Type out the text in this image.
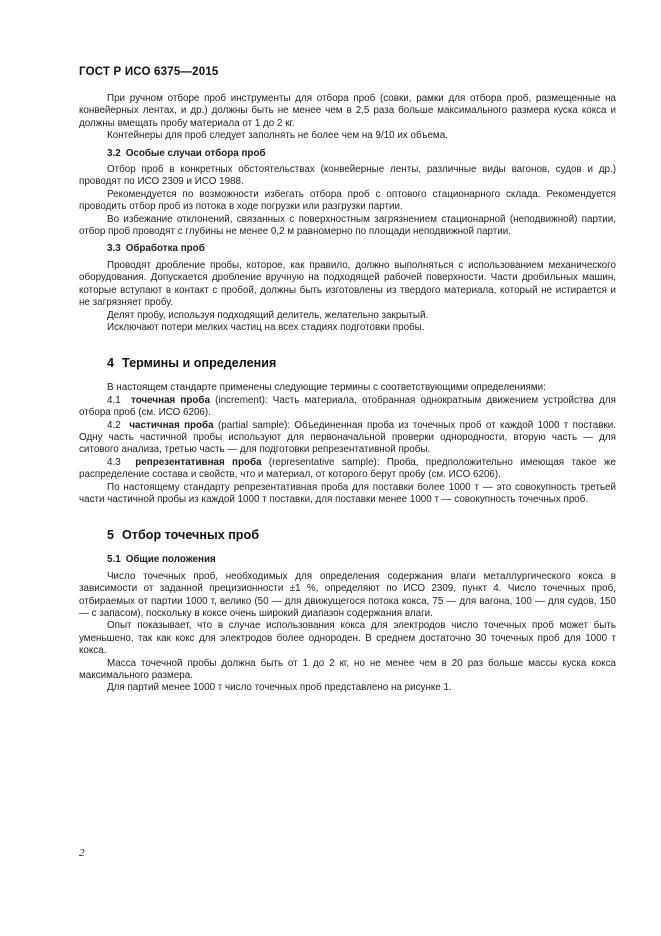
ГОСТ Р ИСО 6375—2015

При ручном отборе проб инструменты для отбора проб (совки, рамки для отбора проб, размещенные на конвейерных лентах, и др.) должны быть не менее чем в 2,5 раза больше максимального размера куска кокса и должны вмещать пробу материала от 1 до 2 кг.

Контейнеры для проб следует заполнять не более чем на 9/10 их объема.

3.2 Особые случаи отбора проб

Отбор проб в конкретных обстоятельствах (конвейерные ленты, различные виды вагонов, судов и др.) проводят по ИСО 2309 и ИСО 1988.

Рекомендуется по возможности избегать отбора проб с оптового стационарного склада. Рекомендуется проводить отбор проб из потока в ходе погрузки или разгрузки партии.

Во избежание отклонений, связанных с поверхностным загрязнением стационарной (неподвижной) партии, отбор проб проводят с глубины не менее 0,2 м равномерно по площади неподвижной партии.

3.3 Обработка проб

Проводят дробление пробы, которое, как правило, должно выполняться с использованием механического оборудования. Допускается дробление вручную на подходящей рабочей поверхности. Части дробильных машин, которые вступают в контакт с пробой, должны быть изготовлены из твердого материала, который не истирается и не загрязняет пробу.

Делят пробу, используя подходящий делитель, желательно закрытый.

Исключают потери мелких частиц на всех стадиях подготовки пробы.

4 Термины и определения

В настоящем стандарте применены следующие термины с соответствующими определениями:

4.1 точечная проба (increment): Часть материала, отобранная однократным движением устройства для отбора проб (см. ИСО 6206).

4.2 частичная проба (partial sample): Объединенная проба из точечных проб от каждой 1000 т поставки. Одну часть частичной пробы используют для первоначальной проверки однородности, вторую часть — для ситового анализа, третью часть — для подготовки репрезентативной пробы.

4.3 репрезентативная проба (representative sample): Проба, предположительно имеющая такое же распределение состава и свойств, что и материал, от которого берут пробу (см. ИСО 6206).

По настоящему стандарту репрезентативная проба для поставки более 1000 т — это совокупность третьей части частичной пробы из каждой 1000 т поставки, для поставки менее 1000 т — совокупность точечных проб.

5 Отбор точечных проб
5.1 Общие положения

Число точечных проб, необходимых для определения содержания влаги металлургического кокса в зависимости от заданной прецизионности ±1 %, определяют по ИСО 2309, пункт 4. Число точечных проб, отбираемых от партии 1000 т, велико (50 — для движущегося потока кокса, 75 — для вагона, 100 — для судов, 150 — с запасом), поскольку в коксе очень широкий диапазон содержания влаги.

Опыт показывает, что в случае использования кокса для электродов число точечных проб может быть уменьшено, так как кокс для электродов более однороден. В среднем достаточно 30 точечных проб для 1000 т кокса.

Масса точечной пробы должна быть от 1 до 2 кг, но не менее чем в 20 раз больше массы куска кокса максимального размера.

Для партий менее 1000 т число точечных проб представлено на рисунке 1.

2
